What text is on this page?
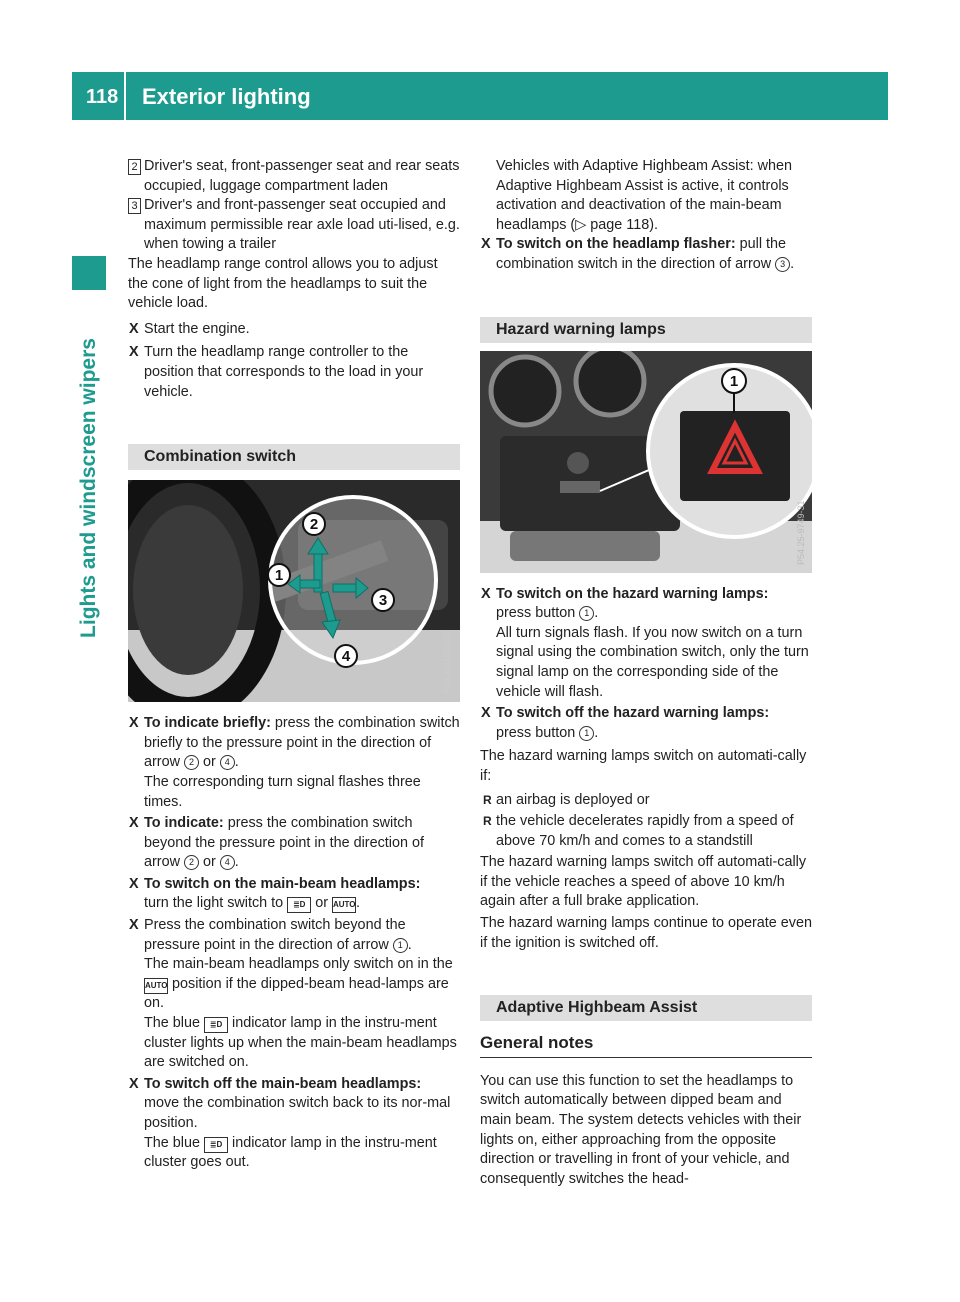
118 Exterior lighting
Lights and windscreen wipers

2 Driver's seat, front-passenger seat and rear seats occupied, luggage compartment laden

3 Driver's and front-passenger seat occupied and maximum permissible rear axle load uti-lised, e.g. when towing a trailer

The headlamp range control allows you to adjust the cone of light from the headlamps to suit the vehicle load.

X Start the engine.

X Turn the headlamp range controller to the position that corresponds to the load in your vehicle.

Combination switch

2
1
3
4	P54.26-1028-31

X To indicate briefly: press the combination switch briefly to the pressure point in the direction of arrow 2 or 4 .
The corresponding turn signal flashes three times.

X To indicate: press the combination switch beyond the pressure point in the direction of arrow 2 or 4 .

X To switch on the main-beam headlamps:
turn the light switch to ≣D or AUTO.

X Press the combination switch beyond the pressure point in the direction of arrow 1 .
The main-beam headlamps only switch on in the AUTO position if the dipped-beam head-lamps are on.
The blue ≣D indicator lamp in the instru-ment cluster lights up when the main-beam headlamps are switched on.

X To switch off the main-beam headlamps:
move the combination switch back to its nor-mal position.
The blue ≣D indicator lamp in the instru-ment cluster goes out.

Vehicles with Adaptive Highbeam Assist: when Adaptive Highbeam Assist is active, it controls activation and deactivation of the main-beam headlamps (▷ page 118).

X To switch on the headlamp flasher: pull the combination switch in the direction of arrow 3 .

Hazard warning lamps

1
P54.25-9749-31

X To switch on the hazard warning lamps:
press button 1 .
All turn signals flash. If you now switch on a turn signal using the combination switch, only the turn signal lamp on the corresponding side of the vehicle will flash.

X To switch off the hazard warning lamps:
press button 1 .

The hazard warning lamps switch on automati-cally if:

R an airbag is deployed or

R the vehicle decelerates rapidly from a speed of above 70 km/h and comes to a standstill

The hazard warning lamps switch off automati-cally if the vehicle reaches a speed of above 10 km/h again after a full brake application.

The hazard warning lamps continue to operate even if the ignition is switched off.

Adaptive Highbeam Assist

General notes

You can use this function to set the headlamps to switch automatically between dipped beam and main beam. The system detects vehicles with their lights on, either approaching from the opposite direction or travelling in front of your vehicle, and consequently switches the head-
